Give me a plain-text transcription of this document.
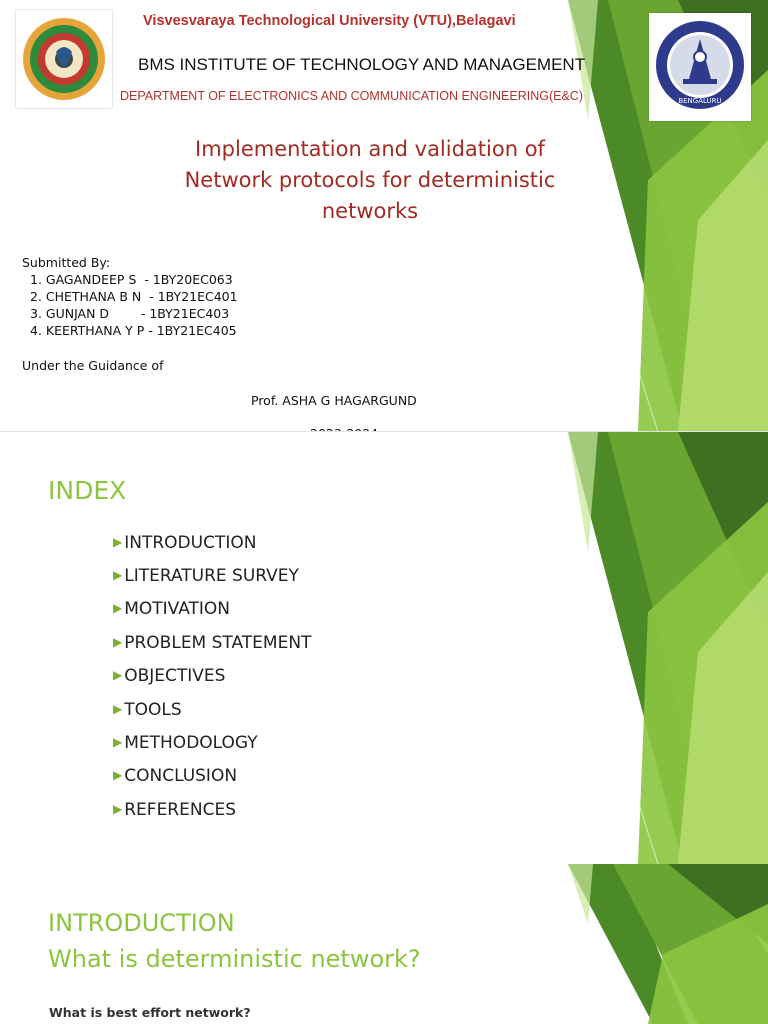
BENGALURU

Visvesvaraya Technological University (VTU),Belagavi

BMS INSTITUTE OF TECHNOLOGY AND MANAGEMENT

DEPARTMENT OF ELECTRONICS AND COMMUNICATION ENGINEERING(E&C)

Implementation and validation of
Network protocols for deterministic
networks

Submitted By:

1. GAGANDEEP S  - 1BY20EC063

2. CHETHANA B N  - 1BY21EC401

3. GUNJAN D        - 1BY21EC403

4. KEERTHANA Y P - 1BY21EC405

Under the Guidance of

Prof. ASHA G HAGARGUND

INDEX

▶ INTRODUCTION
▶ LITERATURE SURVEY
▶ MOTIVATION
▶ PROBLEM STATEMENT
▶ OBJECTIVES
▶ TOOLS
▶ METHODOLOGY
▶ CONCLUSION
▶ REFERENCES

INTRODUCTION

What is deterministic network?

What is best effort network?
